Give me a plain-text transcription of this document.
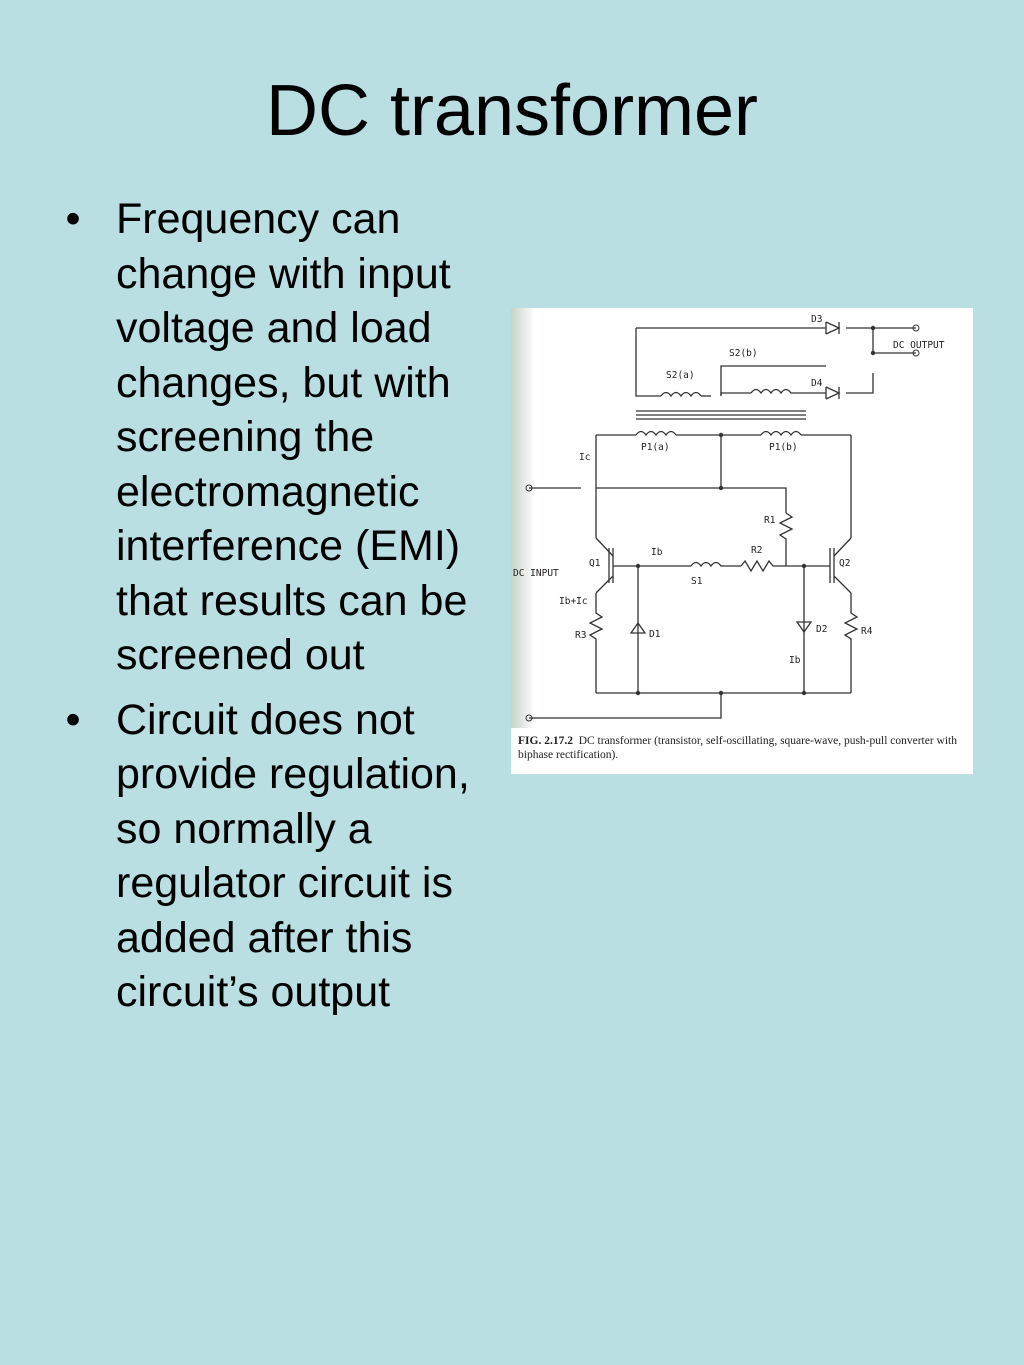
DC transformer
• Frequency can change with input voltage and load changes, but with screening the electromagnetic interference (EMI) that results can be screened out
• Circuit does not provide regulation, so normally a regulator circuit is added after this circuit’s output
D3
D4
DC OUTPUT
S2(a)
S2(b)
P1(a)	P1(b)
Ic
R1
R2
Ib
Q1	Q2
S1
DC INPUT
Ib+Ic
R3	D1	D2
Ib
R4
FIG. 2.17.2 DC transformer (transistor, self-oscillating, square-wave, push-pull converter with biphase rectification).
